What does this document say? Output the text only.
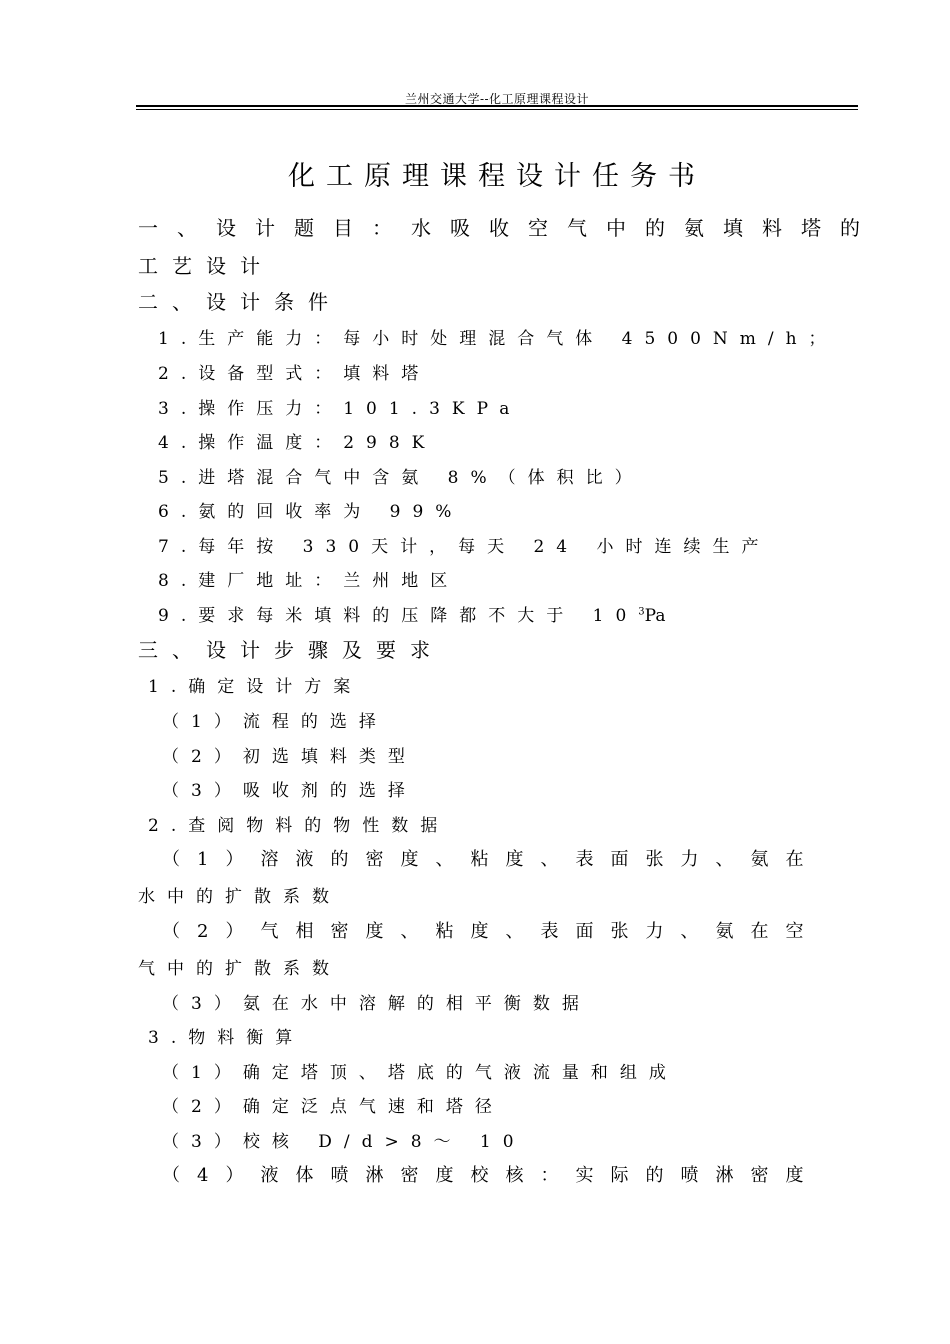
兰州交通大学--化工原理课程设计
化工原理课程设计任务书
一、设计题目：水吸收空气中的氨填料塔的
工艺设计
二、设计条件
1.生产能力：每小时处理混合气体 4500Nm/h；
2.设备型式：填料塔
3.操作压力：101.3KPa
4.操作温度：298K
5.进塔混合气中含氨 8%（体积比）
6.氨的回收率为 99%
7.每年按 330天计，每天 24 小时连续生产
8.建厂地址：兰州地区
9.要求每米填料的压降都不大于 $10^3Pa$
三、设计步骤及要求
1.确定设计方案
（1）流程的选择
（2）初选填料类型
（3）吸收剂的选择
2.查阅物料的物性数据
（1）溶液的密度、粘度、表面张力、氨在
水中的扩散系数
（2）气相密度、粘度、表面张力、氨在空
气中的扩散系数
（3）氨在水中溶解的相平衡数据
3.物料衡算
（1）确定塔顶、塔底的气液流量和组成
（2）确定泛点气速和塔径
（3）校核 D/d>8～ 10
（4）液体喷淋密度校核：实际的喷淋密度
